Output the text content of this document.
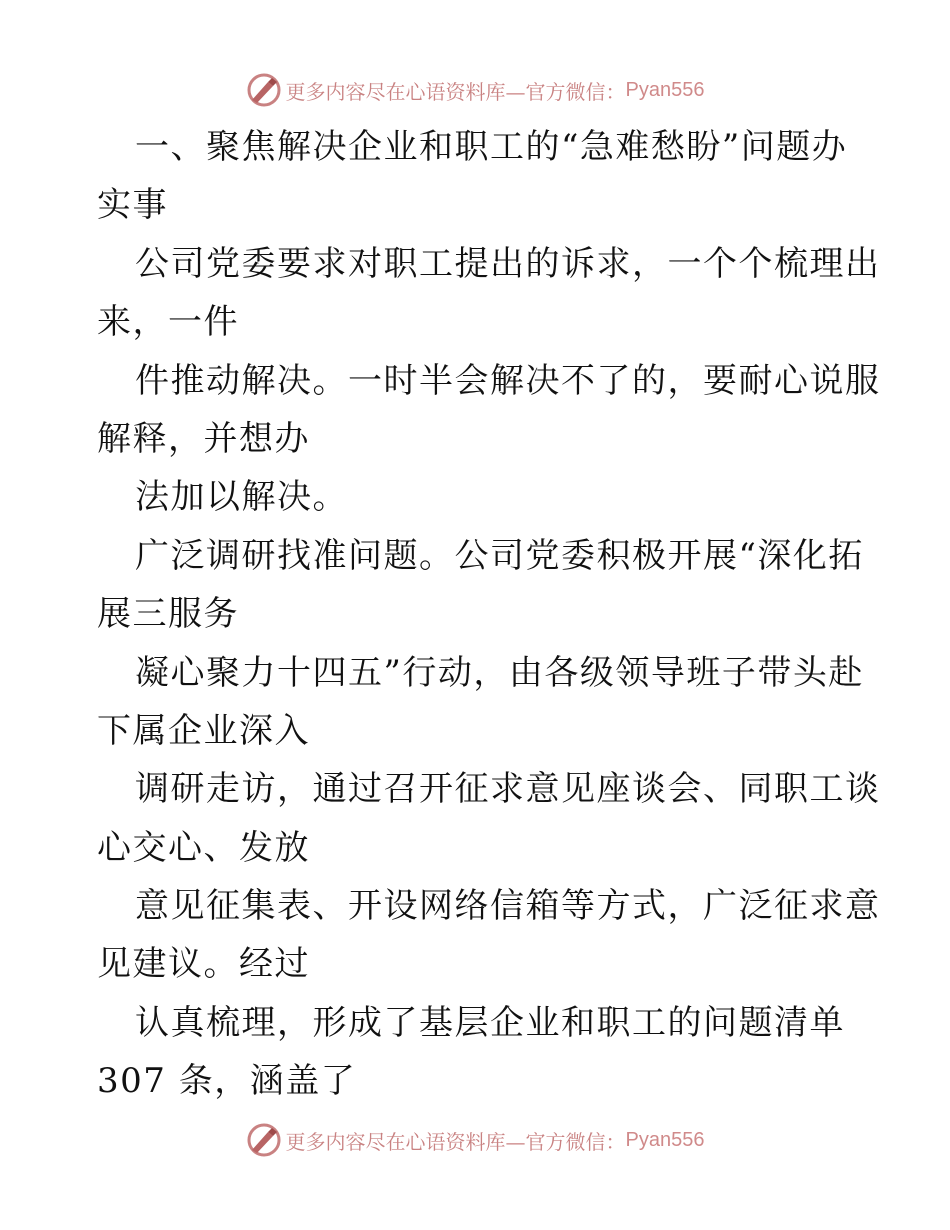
更多内容尽在心语资料库—官方微信： Pyan556
一、聚焦解决企业和职工的“急难愁盼”问题办
实事
公司党委要求对职工提出的诉求，一个个梳理出
来，一件
件推动解决。一时半会解决不了的，要耐心说服
解释，并想办
法加以解决。
广泛调研找准问题。公司党委积极开展“深化拓
展三服务
凝心聚力十四五”行动，由各级领导班子带头赴
下属企业深入
调研走访，通过召开征求意见座谈会、同职工谈
心交心、发放
意见征集表、开设网络信箱等方式，广泛征求意
见建议。经过
认真梳理，形成了基层企业和职工的问题清单
307 条，涵盖了
更多内容尽在心语资料库—官方微信： Pyan556
